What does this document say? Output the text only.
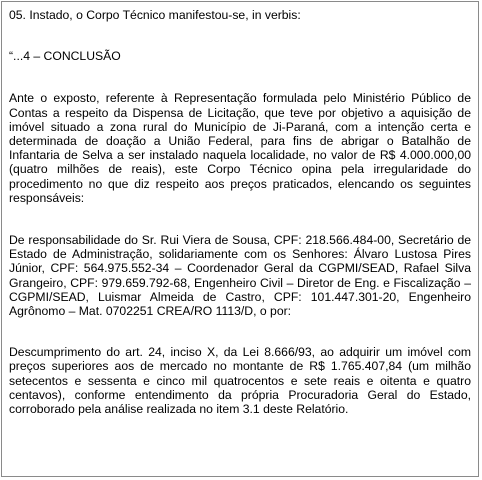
05. Instado, o Corpo Técnico manifestou-se, in verbis:

“...4 – CONCLUSÃO

Ante o exposto, referente à Representação formulada pelo Ministério Público de Contas a respeito da Dispensa de Licitação, que teve por objetivo a aquisição de imóvel situado a zona rural do Município de Ji-Paraná, com a intenção certa e determinada de doação a União Federal, para fins de abrigar o Batalhão de Infantaria de Selva a ser instalado naquela localidade, no valor de R$ 4.000.000,00 (quatro milhões de reais), este Corpo Técnico opina pela irregularidade do procedimento no que diz respeito aos preços praticados, elencando os seguintes responsáveis:

De responsabilidade do Sr. Rui Viera de Sousa, CPF: 218.566.484-00, Secretário de Estado de Administração, solidariamente com os Senhores: Álvaro Lustosa Pires Júnior, CPF: 564.975.552-34 – Coordenador Geral da CGPMI/SEAD, Rafael Silva Grangeiro, CPF: 979.659.792-68, Engenheiro Civil – Diretor de Eng. e Fiscalização – CGPMI/SEAD, Luismar Almeida de Castro, CPF: 101.447.301-20, Engenheiro Agrônomo – Mat. 0702251 CREA/RO 1113/D, o por:

Descumprimento do art. 24, inciso X, da Lei 8.666/93, ao adquirir um imóvel com preços superiores aos de mercado no montante de R$ 1.765.407,84 (um milhão setecentos e sessenta e cinco mil quatrocentos e sete reais e oitenta e quatro centavos), conforme entendimento da própria Procuradoria Geral do Estado, corroborado pela análise realizada no item 3.1 deste Relatório.
